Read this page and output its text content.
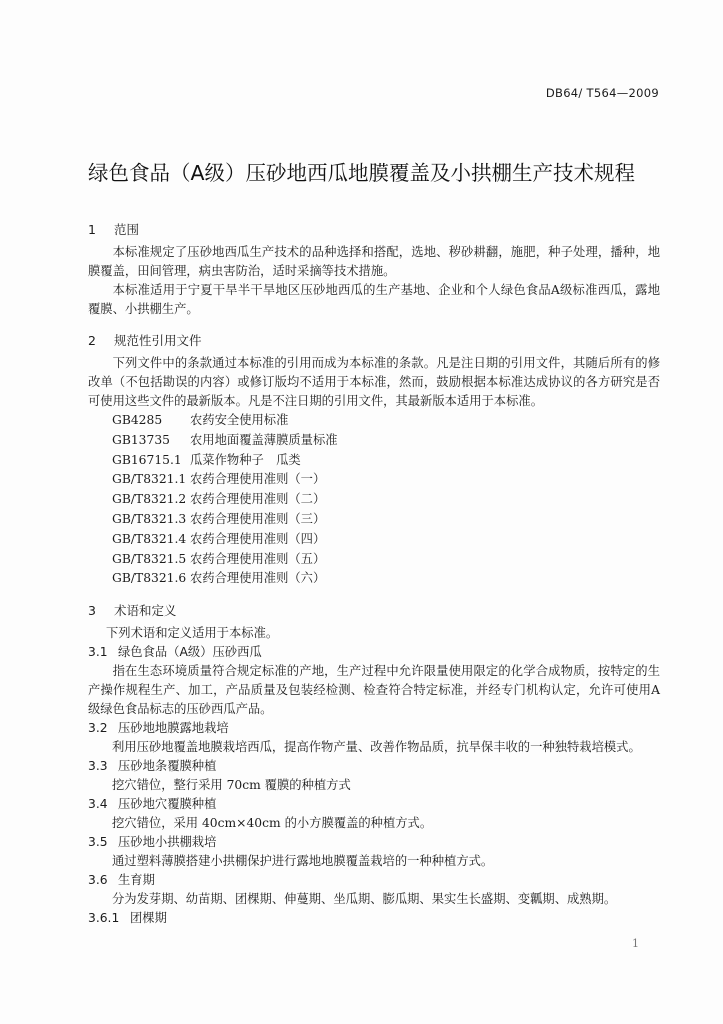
DB64/ T564—2009
绿色食品（A级）压砂地西瓜地膜覆盖及小拱棚生产技术规程
1 范围
本标准规定了压砂地西瓜生产技术的品种选择和搭配，选地、秽砂耕翻，施肥，种子处理，播种，地膜覆盖，田间管理，病虫害防治，适时采摘等技术措施。
本标准适用于宁夏干旱半干旱地区压砂地西瓜的生产基地、企业和个人绿色食品A级标准西瓜，露地覆膜、小拱棚生产。
2 规范性引用文件
下列文件中的条款通过本标准的引用而成为本标准的条款。凡是注日期的引用文件，其随后所有的修改单（不包括勘误的内容）或修订版均不适用于本标准，然而，鼓励根据本标准达成协议的各方研究是否可使用这些文件的最新版本。凡是不注日期的引用文件，其最新版本适用于本标准。
GB4285 农药安全使用标准
GB13735 农用地面覆盖薄膜质量标准
GB16715.1 瓜菜作物种子　瓜类
GB/T8321.1 农药合理使用准则（一）
GB/T8321.2 农药合理使用准则（二）
GB/T8321.3 农药合理使用准则（三）
GB/T8321.4 农药合理使用准则（四）
GB/T8321.5 农药合理使用准则（五）
GB/T8321.6 农药合理使用准则（六）
3 术语和定义
下列术语和定义适用于本标准。
3.1 绿色食品（A级）压砂西瓜
指在生态环境质量符合规定标准的产地，生产过程中允许限量使用限定的化学合成物质，按特定的生产操作规程生产、加工，产品质量及包装经检测、检查符合特定标准，并经专门机构认定，允许可使用A级绿色食品标志的压砂西瓜产品。
3.2 压砂地地膜露地栽培
利用压砂地覆盖地膜栽培西瓜，提高作物产量、改善作物品质，抗旱保丰收的一种独特栽培模式。
3.3 压砂地条覆膜种植
挖穴错位，整行采用 70cm 覆膜的种植方式
3.4 压砂地穴覆膜种植
挖穴错位，采用 40cm×40cm 的小方膜覆盖的种植方式。
3.5 压砂地小拱棚栽培
通过塑料薄膜搭建小拱棚保护进行露地地膜覆盖栽培的一种种植方式。
3.6 生育期
分为发芽期、幼苗期、团棵期、伸蔓期、坐瓜期、膨瓜期、果实生长盛期、变瓤期、成熟期。
3.6.1 团棵期
1
